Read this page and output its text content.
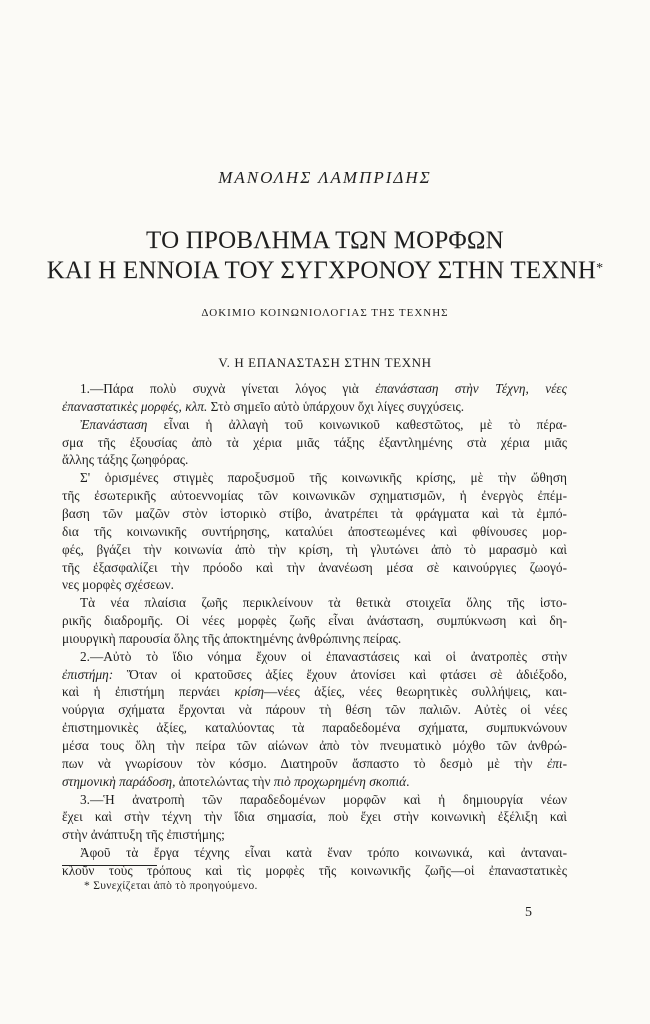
ΜΑΝΟΛΗΣ ΛΑΜΠΡΙΔΗΣ
ΤΟ ΠΡΟΒΛΗΜΑ ΤΩΝ ΜΟΡΦΩΝ
ΚΑΙ Η ΕΝΝΟΙΑ ΤΟΥ ΣΥΓΧΡΟΝΟΥ ΣΤΗΝ ΤΕΧΝΗ*
ΔΟΚΙΜΙΟ ΚΟΙΝΩΝΙΟΛΟΓΙΑΣ ΤΗΣ ΤΕΧΝΗΣ
V. Η ΕΠΑΝΑΣΤΑΣΗ ΣΤΗΝ ΤΕΧΝΗ
1.—Πάρα πολὺ συχνὰ γίνεται λόγος γιὰ ἐπανάσταση στὴν Τέχνη, νέες
ἐπαναστατικὲς μορφές, κλπ. Στὸ σημεῖο αὐτὸ ὑπάρχουν ὄχι λίγες συγχύσεις.
Ἐπανάσταση εἶναι ἡ ἀλλαγὴ τοῦ κοινωνικοῦ καθεστῶτος, μὲ τὸ πέρα-
σμα τῆς ἐξουσίας ἀπὸ τὰ χέρια μιᾶς τάξης ἐξαντλημένης στὰ χέρια μιᾶς
ἄλλης τάξης ζωηφόρας.
Σ' ὁρισμένες στιγμὲς παροξυσμοῦ τῆς κοινωνικῆς κρίσης, μὲ τὴν ὤθηση
τῆς ἐσωτερικῆς αὐτοεννομίας τῶν κοινωνικῶν σχηματισμῶν, ἡ ἐνεργὸς ἐπέμ-
βαση τῶν μαζῶν στὸν ἱστορικὸ στίβο, ἀνατρέπει τὰ φράγματα καὶ τὰ ἐμπό-
δια τῆς κοινωνικῆς συντήρησης, καταλύει ἀποστεωμένες καὶ φθίνουσες μορ-
φές, βγάζει τὴν κοινωνία ἀπὸ τὴν κρίση, τὴ γλυτώνει ἀπὸ τὸ μαρασμὸ καὶ
τῆς ἐξασφαλίζει τὴν πρόοδο καὶ τὴν ἀνανέωση μέσα σὲ καινούργιες ζωογό-
νες μορφὲς σχέσεων.
Τὰ νέα πλαίσια ζωῆς περικλείνουν τὰ θετικὰ στοιχεῖα ὅλης τῆς ἱστο-
ρικῆς διαδρομῆς. Οἱ νέες μορφὲς ζωῆς εἶναι ἀνάσταση, συμπύκνωση καὶ δη-
μιουργικὴ παρουσία ὅλης τῆς ἀποκτημένης ἀνθρώπινης πείρας.
2.—Αὐτὸ τὸ ἴδιο νόημα ἔχουν οἱ ἐπαναστάσεις καὶ οἱ ἀνατροπὲς στὴν
ἐπιστήμη: Ὅταν οἱ κρατοῦσες ἀξίες ἔχουν ἀτονίσει καὶ φτάσει σὲ ἀδιέξοδο,
καὶ ἡ ἐπιστήμη περνάει κρίση—νέες ἀξίες, νέες θεωρητικὲς συλλήψεις, και-
νούργια σχήματα ἔρχονται νὰ πάρουν τὴ θέση τῶν παλιῶν. Αὐτὲς οἱ νέες
ἐπιστημονικὲς ἀξίες, καταλύοντας τὰ παραδεδομένα σχήματα, συμπυκνώνουν
μέσα τους ὅλη τὴν πείρα τῶν αἰώνων ἀπὸ τὸν πνευματικὸ μόχθο τῶν ἀνθρώ-
πων νὰ γνωρίσουν τὸν κόσμο. Διατηροῦν ἄσπαστο τὸ δεσμὸ μὲ τὴν ἐπι-
στημονικὴ παράδοση, ἀποτελώντας τὴν πιὸ προχωρημένη σκοπιά.
3.—Ἡ ἀνατροπὴ τῶν παραδεδομένων μορφῶν καὶ ἡ δημιουργία νέων
ἔχει καὶ στὴν τέχνη τὴν ἴδια σημασία, ποὺ ἔχει στὴν κοινωνικὴ ἐξέλιξη καὶ
στὴν ἀνάπτυξη τῆς ἐπιστήμης;
Ἀφοῦ τὰ ἔργα τέχνης εἶναι κατὰ ἕναν τρόπο κοινωνικά, καὶ ἀνταναι-
κλοῦν τοὺς τρόπους καὶ τὶς μορφὲς τῆς κοινωνικῆς ζωῆς—οἱ ἐπαναστατικὲς
* Συνεχίζεται ἀπὸ τὸ προηγούμενο.
5
